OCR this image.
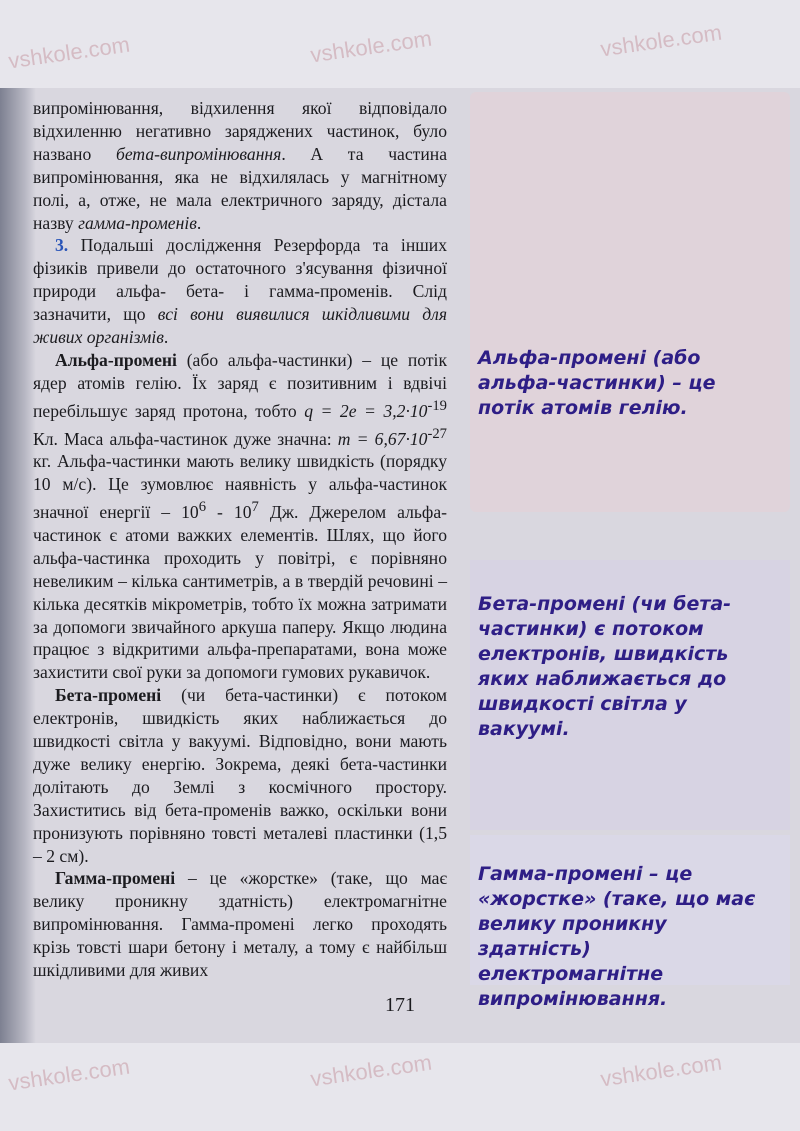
vshkole.com	vshkole.com	vshkole.com
vshkole.com	vshkole.com	vshkole.com

випромінювання, відхилення якої відповідало відхиленню негативно заряджених частинок, було названо бета-випромінювання. А та частина випромінювання, яка не відхилялась у магнітному полі, а, отже, не мала електричного заряду, дістала назву гамма-променів.

3. Подальші дослідження Резерфорда та інших фізиків привели до остаточного з'ясування фізичної природи альфа- бета- і гамма-променів. Слід зазначити, що всі вони виявилися шкідливими для живих організмів.

Альфа-промені (або альфа-частинки) – це потік ядер атомів гелію. Їх заряд є позитивним і вдвічі перебільшує заряд протона, тобто $q = 2e = 3,2\cdot 10^{-19}$ Кл. Маса альфа-частинок дуже значна: $m = 6,67\cdot 10^{-27}$ кг. Альфа-частинки мають велику швидкість (порядку 10 м/с). Це зумовлює наявність у альфа-частинок значної енергії – $10^6 - 10^7$ Дж. Джерелом альфа-частинок є атоми важких елементів. Шлях, що його альфа-частинка проходить у повітрі, є порівняно невеликим – кілька сантиметрів, а в твердій речовині – кілька десятків мікрометрів, тобто їх можна затримати за допомоги звичайного аркуша паперу. Якщо людина працює з відкритими альфа-препаратами, вона може захистити свої руки за допомоги гумових рукавичок.

Бета-промені (чи бета-частинки) є потоком електронів, швидкість яких наближається до швидкості світла у вакуумі. Відповідно, вони мають дуже велику енергію. Зокрема, деякі бета-частинки долітають до Землі з космічного простору. Захиститись від бета-променів важко, оскільки вони пронизують порівняно товсті металеві пластинки (1,5 – 2 см).

Гамма-промені – це «жорстке» (таке, що має велику проникну здатність) електромагнітне випромінювання. Гамма-промені легко проходять крізь товсті шари бетону і металу, а тому є найбільш шкідливими для живих

Альфа-промені (або альфа-частинки) – це потік атомів гелію.
Бета-промені (чи бета-частинки) є потоком електронів, швидкість яких наближається до швидкості світла у вакуумі.
Гамма-промені – це «жорстке» (таке, що має велику проникну здатність) електромагнітне випромінювання.
171
